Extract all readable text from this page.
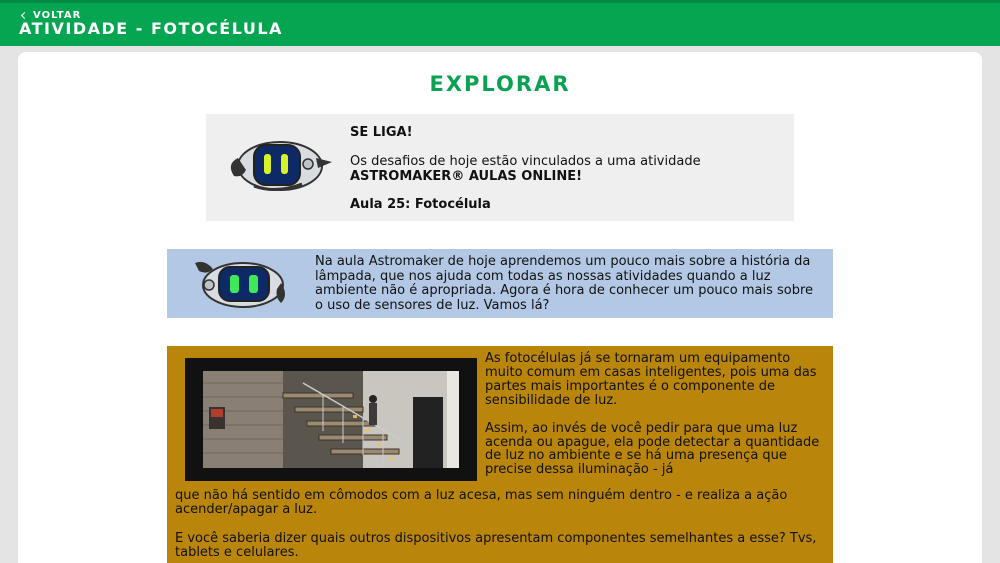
VOLTAR
ATIVIDADE - FOTOCÉLULA
EXPLORAR

SE LIGA!

Os desafios de hoje estão vinculados a uma atividade

ASTROMAKER® AULAS ONLINE!

Aula 25: Fotocélula

Na aula Astromaker de hoje aprendemos um pouco mais sobre a história da lâmpada, que nos ajuda com todas as nossas atividades quando a luz ambiente não é apropriada. Agora é hora de conhecer um pouco mais sobre o uso de sensores de luz. Vamos lá?

As fotocélulas já se tornaram um equipamento muito comum em casas inteligentes, pois uma das partes mais importantes é o componente de sensibilidade de luz.

Assim, ao invés de você pedir para que uma luz acenda ou apague, ela pode detectar a quantidade de luz no ambiente e se há uma presença que precise dessa iluminação - já

que não há sentido em cômodos com a luz acesa, mas sem ninguém dentro - e realiza a ação acender/apagar a luz.
E você saberia dizer quais outros dispositivos apresentam componentes semelhantes a esse? Tvs, tablets e celulares.
